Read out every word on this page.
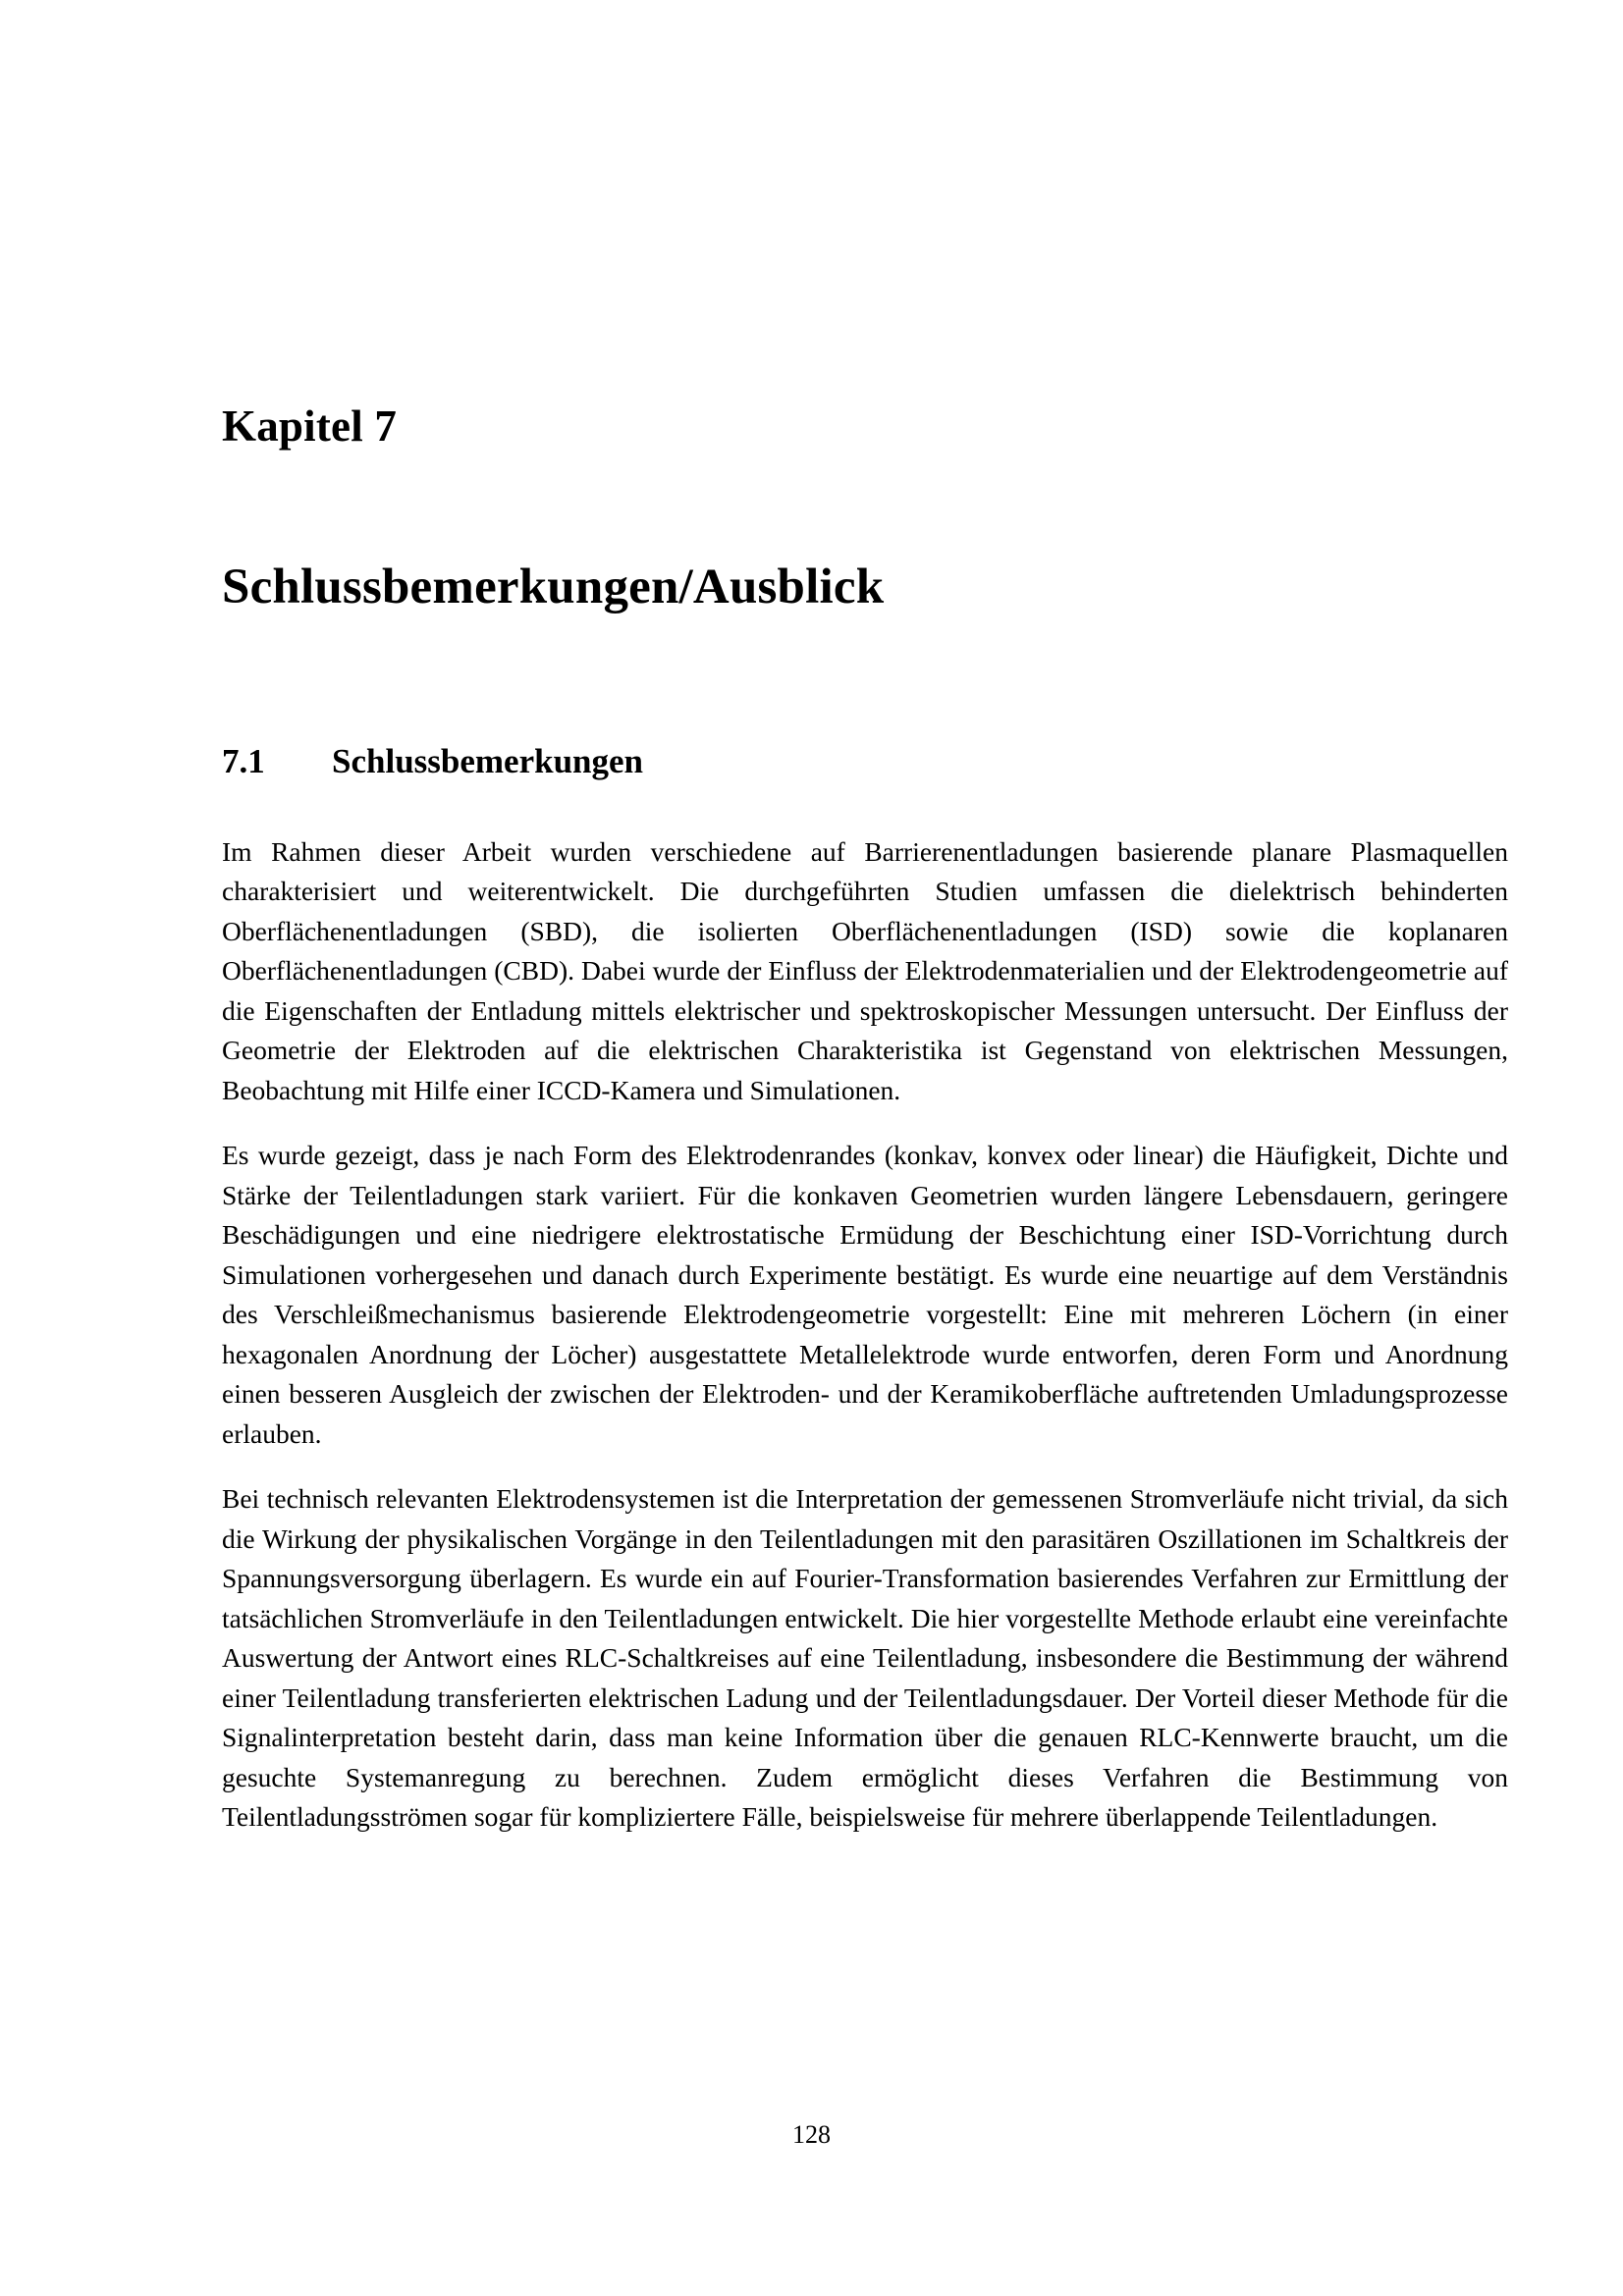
Kapitel 7
Schlussbemerkungen/Ausblick
7.1	Schlussbemerkungen

Im Rahmen dieser Arbeit wurden verschiedene auf Barrierenentladungen basierende planare Plasmaquellen charakterisiert und weiterentwickelt. Die durchgeführten Studien umfassen die dielektrisch behinderten Oberflächenentladungen (SBD), die isolierten Oberflächenentladungen (ISD) sowie die koplanaren Oberflächenentladungen (CBD). Dabei wurde der Einfluss der Elektrodenmaterialien und der Elektrodengeometrie auf die Eigenschaften der Entladung mittels elektrischer und spektroskopischer Messungen untersucht. Der Einfluss der Geometrie der Elektroden auf die elektrischen Charakteristika ist Gegenstand von elektrischen Messungen, Beobachtung mit Hilfe einer ICCD-Kamera und Simulationen.

Es wurde gezeigt, dass je nach Form des Elektrodenrandes (konkav, konvex oder linear) die Häufigkeit, Dichte und Stärke der Teilentladungen stark variiert. Für die konkaven Geometrien wurden längere Lebensdauern, geringere Beschädigungen und eine niedrigere elektrostatische Ermüdung der Beschichtung einer ISD-Vorrichtung durch Simulationen vorhergesehen und danach durch Experimente bestätigt. Es wurde eine neuartige auf dem Verständnis des Verschleißmechanismus basierende Elektrodengeometrie vorgestellt: Eine mit mehreren Löchern (in einer hexagonalen Anordnung der Löcher) ausgestattete Metallelektrode wurde entworfen, deren Form und Anordnung einen besseren Ausgleich der zwischen der Elektroden- und der Keramikoberfläche auftretenden Umladungsprozesse erlauben.

Bei technisch relevanten Elektrodensystemen ist die Interpretation der gemessenen Stromverläufe nicht trivial, da sich die Wirkung der physikalischen Vorgänge in den Teilentladungen mit den parasitären Oszillationen im Schaltkreis der Spannungsversorgung überlagern. Es wurde ein auf Fourier-Transformation basierendes Verfahren zur Ermittlung der tatsächlichen Stromverläufe in den Teilentladungen entwickelt. Die hier vorgestellte Methode erlaubt eine vereinfachte Auswertung der Antwort eines RLC-Schaltkreises auf eine Teilentladung, insbesondere die Bestimmung der während einer Teilentladung transferierten elektrischen Ladung und der Teilentladungsdauer. Der Vorteil dieser Methode für die Signalinterpretation besteht darin, dass man keine Information über die genauen RLC-Kennwerte braucht, um die gesuchte Systemanregung zu berechnen. Zudem ermöglicht dieses Verfahren die Bestimmung von Teilentladungsströmen sogar für kompliziertere Fälle, beispielsweise für mehrere überlappende Teilentladungen.

128
